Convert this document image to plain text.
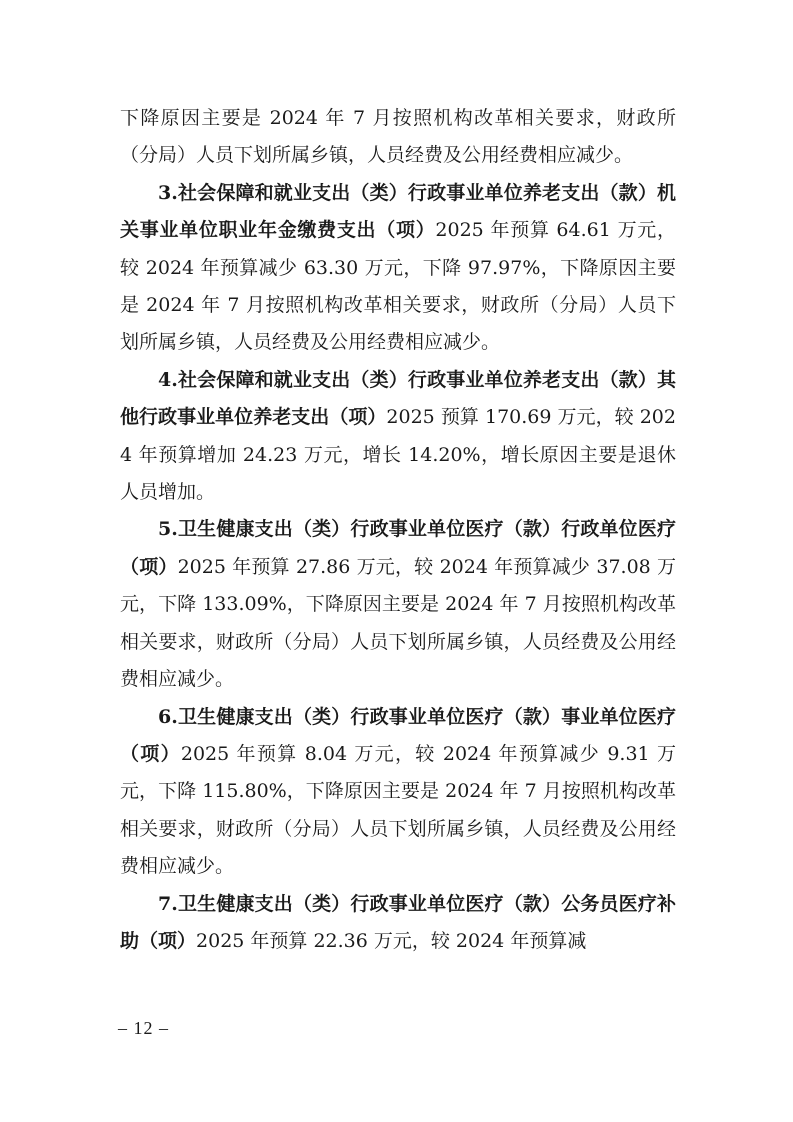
下降原因主要是 2024 年 7 月按照机构改革相关要求，财政所（分局）人员下划所属乡镇，人员经费及公用经费相应减少。

3.社会保障和就业支出（类）行政事业单位养老支出（款）机关事业单位职业年金缴费支出（项）2025 年预算 64.61 万元，较 2024 年预算减少 63.30 万元，下降 97.97%，下降原因主要是 2024 年 7 月按照机构改革相关要求，财政所（分局）人员下划所属乡镇，人员经费及公用经费相应减少。

4.社会保障和就业支出（类）行政事业单位养老支出（款）其他行政事业单位养老支出（项）2025 预算 170.69 万元，较 2024 年预算增加 24.23 万元，增长 14.20%，增长原因主要是退休人员增加。

5.卫生健康支出（类）行政事业单位医疗（款）行政单位医疗（项）2025 年预算 27.86 万元，较 2024 年预算减少 37.08 万元，下降 133.09%，下降原因主要是 2024 年 7 月按照机构改革相关要求，财政所（分局）人员下划所属乡镇，人员经费及公用经费相应减少。

6.卫生健康支出（类）行政事业单位医疗（款）事业单位医疗（项）2025 年预算 8.04 万元，较 2024 年预算减少 9.31 万元，下降 115.80%，下降原因主要是 2024 年 7 月按照机构改革相关要求，财政所（分局）人员下划所属乡镇，人员经费及公用经费相应减少。

7.卫生健康支出（类）行政事业单位医疗（款）公务员医疗补助（项）2025 年预算 22.36 万元，较 2024 年预算减

– 12 –
